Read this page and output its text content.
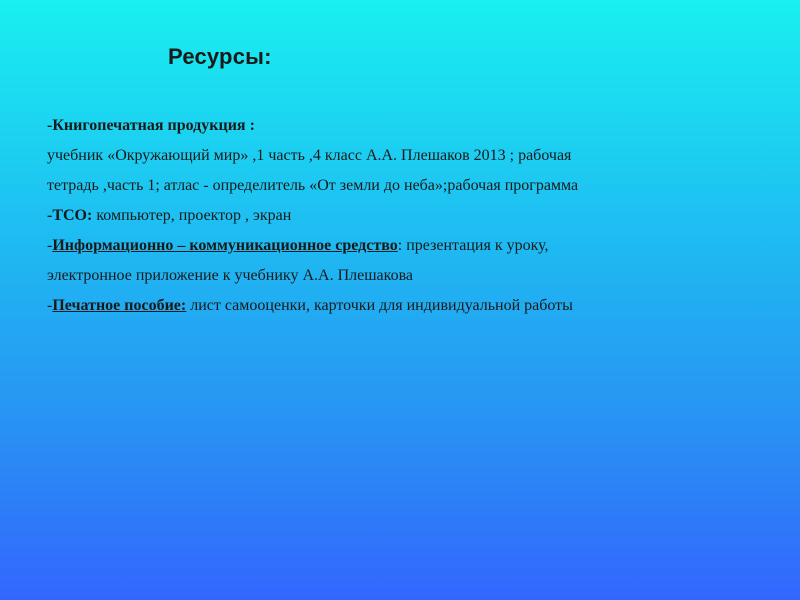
Ресурсы:
-Книгопечатная продукция :
учебник «Окружающий мир» ,1 часть ,4 класс А.А. Плешаков 2013 ; рабочая
тетрадь ,часть 1; атлас - определитель «От земли до неба»;рабочая программа
-ТСО: компьютер, проектор , экран
-Информационно – коммуникационное средство: презентация к уроку,
электронное приложение к учебнику А.А. Плешакова
-Печатное пособие: лист самооценки, карточки для индивидуальной работы
